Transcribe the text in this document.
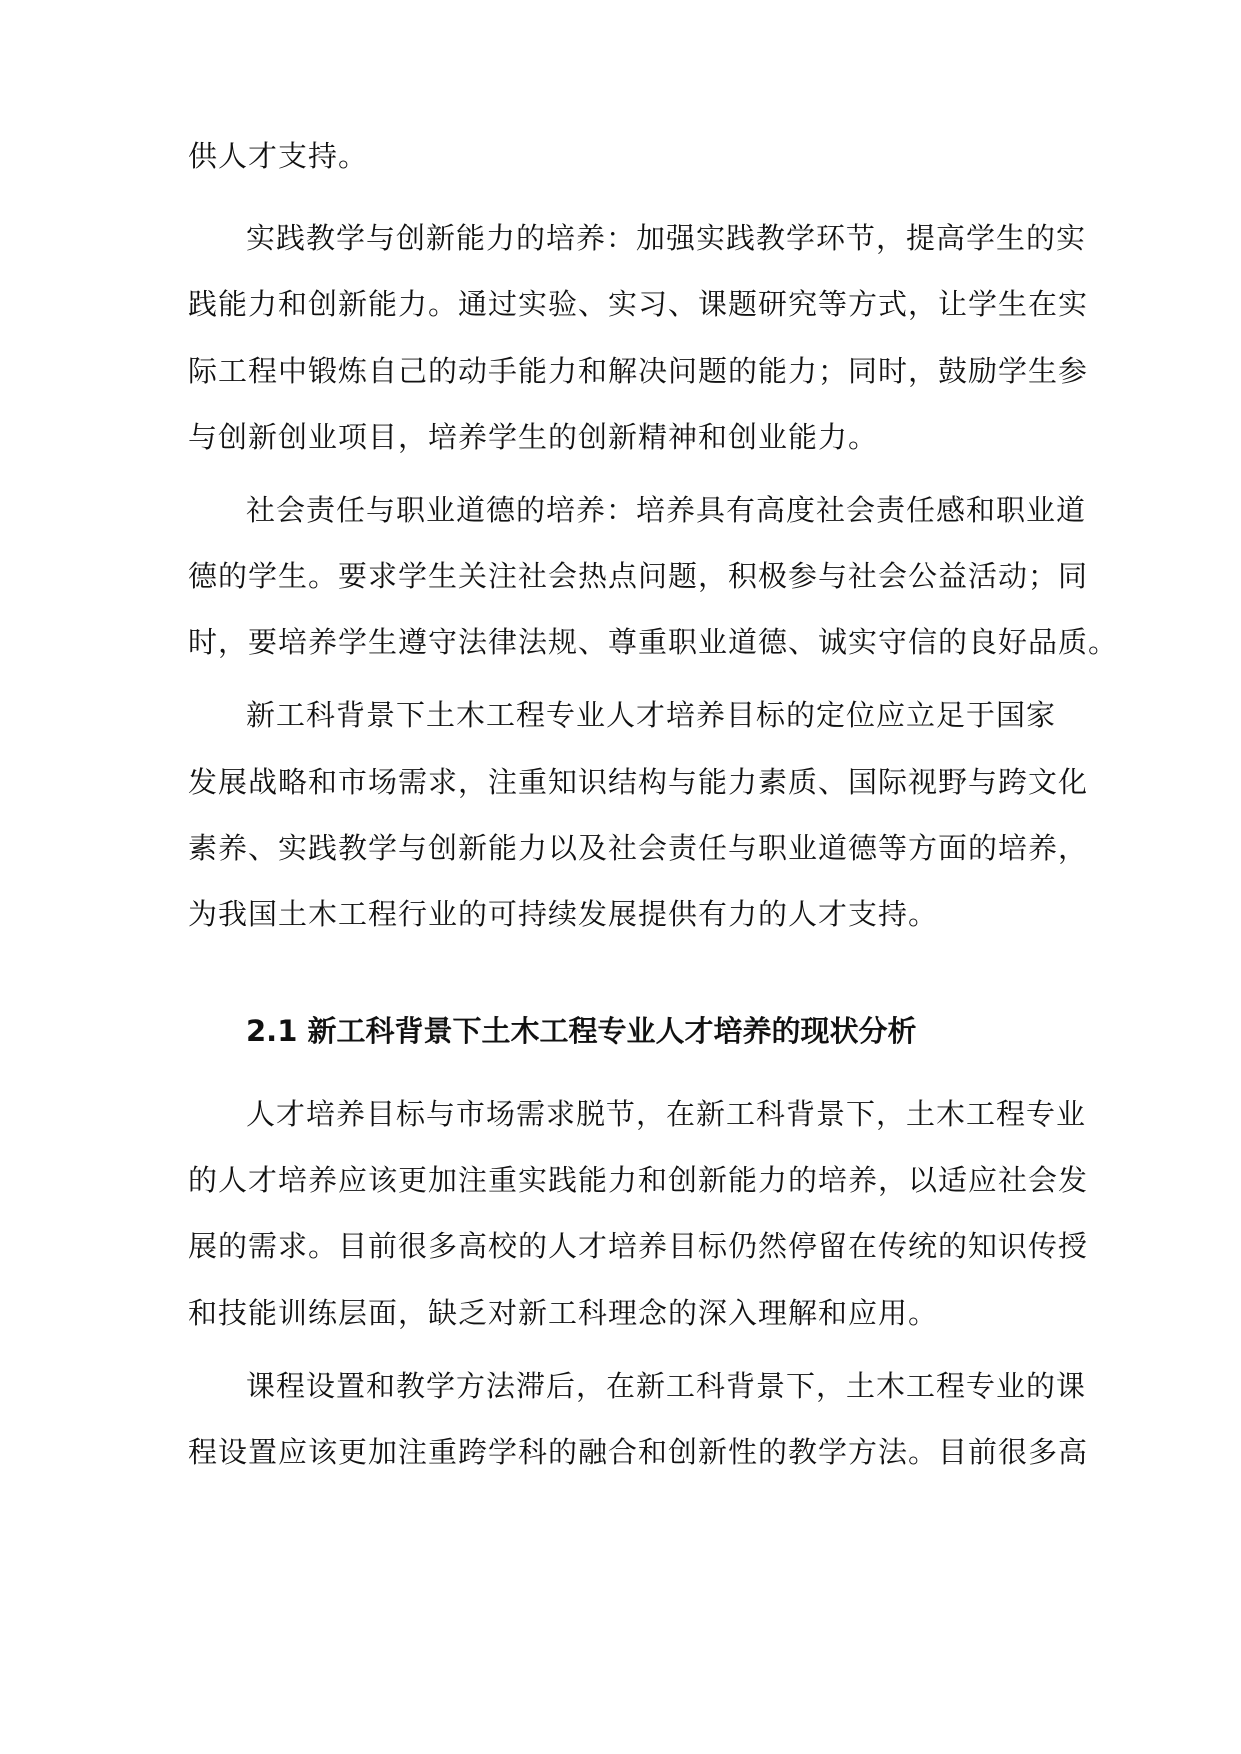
供人才支持。
实践教学与创新能力的培养：加强实践教学环节，提高学生的实
践能力和创新能力。通过实验、实习、课题研究等方式，让学生在实
际工程中锻炼自己的动手能力和解决问题的能力；同时，鼓励学生参
与创新创业项目，培养学生的创新精神和创业能力。
社会责任与职业道德的培养：培养具有高度社会责任感和职业道
德的学生。要求学生关注社会热点问题，积极参与社会公益活动；同
时，要培养学生遵守法律法规、尊重职业道德、诚实守信的良好品质。
新工科背景下土木工程专业人才培养目标的定位应立足于国家
发展战略和市场需求，注重知识结构与能力素质、国际视野与跨文化
素养、实践教学与创新能力以及社会责任与职业道德等方面的培养，
为我国土木工程行业的可持续发展提供有力的人才支持。
2.1 新工科背景下土木工程专业人才培养的现状分析
人才培养目标与市场需求脱节，在新工科背景下，土木工程专业
的人才培养应该更加注重实践能力和创新能力的培养，以适应社会发
展的需求。目前很多高校的人才培养目标仍然停留在传统的知识传授
和技能训练层面，缺乏对新工科理念的深入理解和应用。
课程设置和教学方法滞后，在新工科背景下，土木工程专业的课
程设置应该更加注重跨学科的融合和创新性的教学方法。目前很多高
